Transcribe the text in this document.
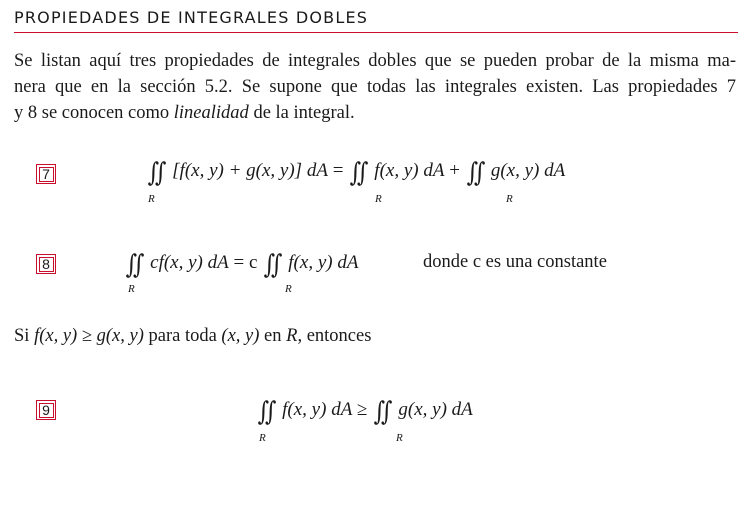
PROPIEDADES DE INTEGRALES DOBLES
Se listan aquí tres propiedades de integrales dobles que se pueden probar de la misma ma-
nera que en la sección 5.2. Se supone que todas las integrales existen. Las propiedades 7
y 8 se conocen como linealidad de la integral.
7	∬ [f(x, y) + g(x, y)] dA = ∬ f(x, y) dA + ∬ g(x, y) dA
R	R	R
8	∬ cf(x, y) dA = c ∬ f(x, y) dA
R	R
donde c es una constante
Si f(x, y) ≥ g(x, y) para toda (x, y) en R, entonces
9	∬ f(x, y) dA ≥ ∬ g(x, y) dA
R	R
